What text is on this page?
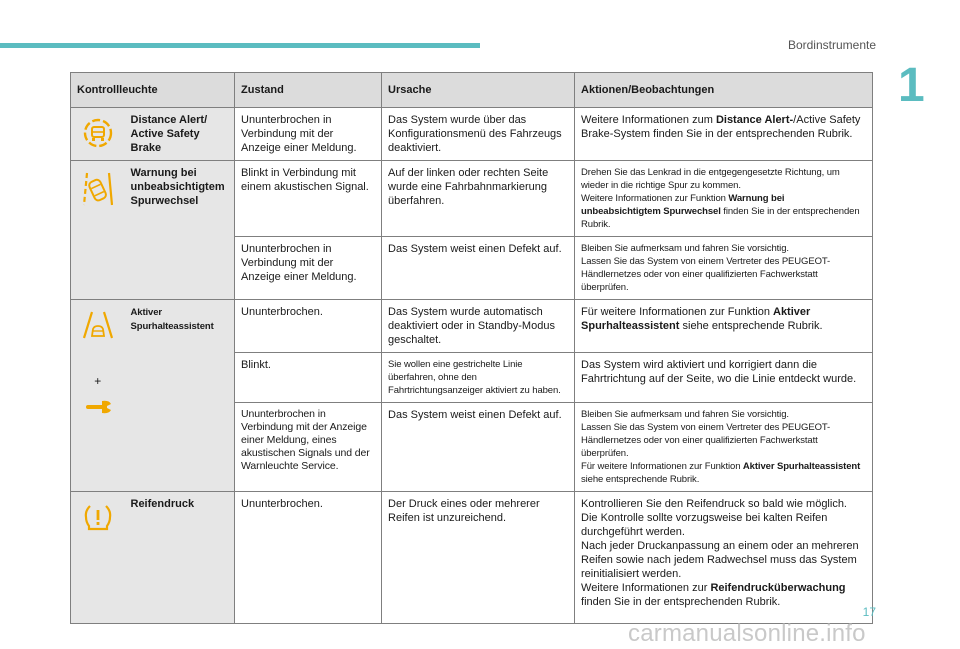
Bordinstrumente
1
Kontrollleuchte		Zustand	Ursache	Aktionen/Beobachtungen

	Distance Alert/ Active Safety Brake	Ununterbrochen in Verbindung mit der Anzeige einer Meldung.	Das System wurde über das Konfigurationsmenü des Fahrzeugs deaktiviert.	Weitere Informationen zum Distance Alert-/Active Safety Brake-System finden Sie in der entsprechenden Rubrik.

	Warnung bei unbeabsichtigtem Spurwechsel	Blinkt in Verbindung mit einem akustischen Signal.	Auf der linken oder rechten Seite wurde eine Fahrbahnmarkierung überfahren.	Drehen Sie das Lenkrad in die entgegengesetzte Richtung, um wieder in die richtige Spur zu kommen.
Weitere Informationen zur Funktion Warnung bei unbeabsichtigtem Spurwechsel finden Sie in der entsprechenden Rubrik.

		Ununterbrochen in Verbindung mit der Anzeige einer Meldung.	Das System weist einen Defekt auf.	Bleiben Sie aufmerksam und fahren Sie vorsichtig.
Lassen Sie das System von einem Vertreter des PEUGEOT-Händlernetzes oder von einer qualifizierten Fachwerkstatt überprüfen.

+	Aktiver Spurhalteassistent	Ununterbrochen.	Das System wurde automatisch deaktiviert oder in Standby-Modus geschaltet.	Für weitere Informationen zur Funktion Aktiver Spurhalteassistent siehe entsprechende Rubrik.
		Blinkt.	Sie wollen eine gestrichelte Linie überfahren, ohne den Fahrtrichtungsanzeiger aktiviert zu haben.	Das System wird aktiviert und korrigiert dann die Fahrtrichtung auf der Seite, wo die Linie entdeckt wurde.
		Ununterbrochen in Verbindung mit der Anzeige einer Meldung, eines akustischen Signals und der Warnleuchte Service.	Das System weist einen Defekt auf.	Bleiben Sie aufmerksam und fahren Sie vorsichtig.
Lassen Sie das System von einem Vertreter des PEUGEOT-Händlernetzes oder von einer qualifizierten Fachwerkstatt überprüfen.
Für weitere Informationen zur Funktion Aktiver Spurhalteassistent siehe entsprechende Rubrik.

	Reifendruck	Ununterbrochen.	Der Druck eines oder mehrerer Reifen ist unzureichend.	Kontrollieren Sie den Reifendruck so bald wie möglich.
Die Kontrolle sollte vorzugsweise bei kalten Reifen durchgeführt werden.
Nach jeder Druckanpassung an einem oder an mehreren Reifen sowie nach jedem Radwechsel muss das System reinitialisiert werden.
Weitere Informationen zur Reifendrucküberwachung finden Sie in der entsprechenden Rubrik.
17
carmanualsonline.info
